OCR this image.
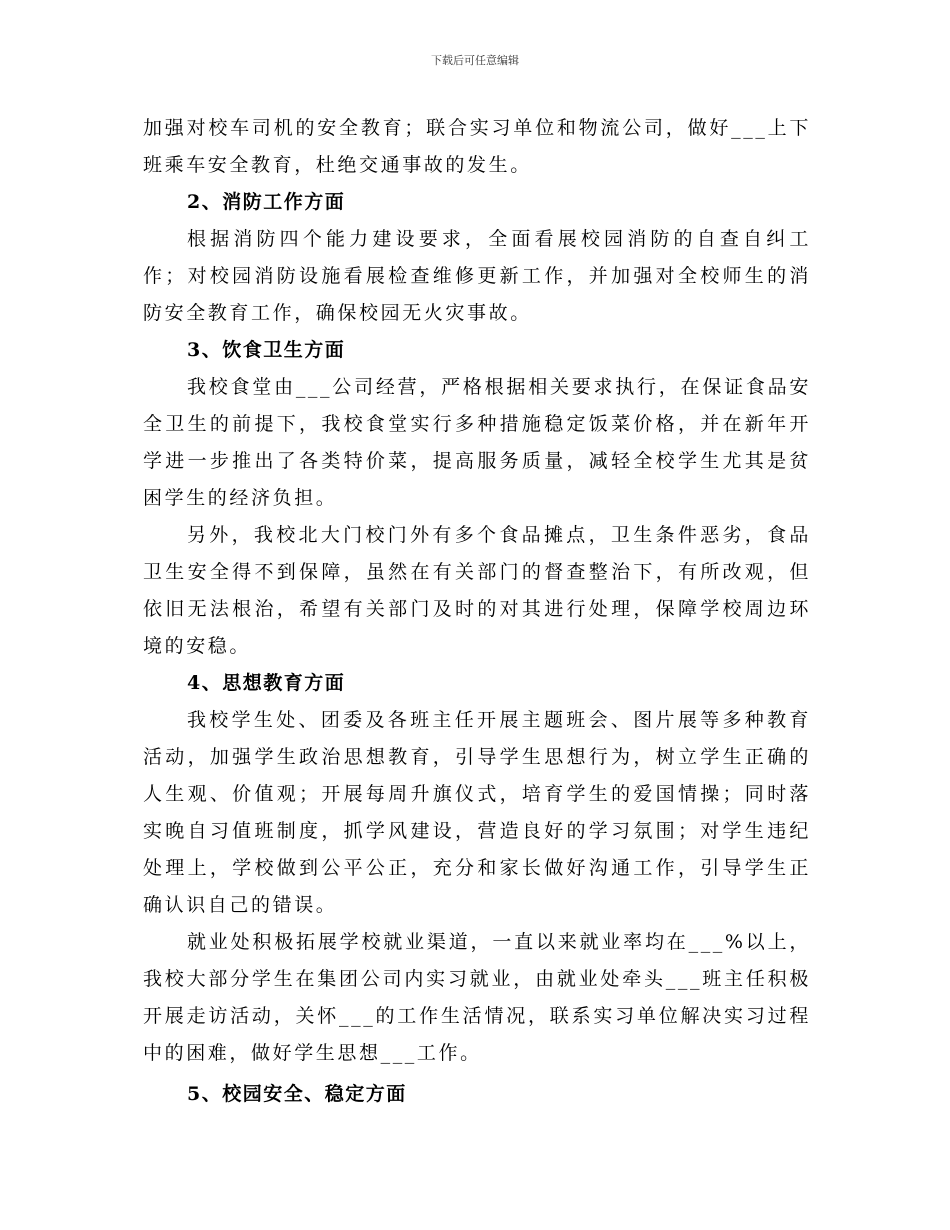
下载后可任意编辑

加强对校车司机的安全教育；联合实习单位和物流公司，做好___上下班乘车安全教育，杜绝交通事故的发生。

2、消防工作方面

根据消防四个能力建设要求，全面看展校园消防的自查自纠工作；对校园消防设施看展检查维修更新工作，并加强对全校师生的消防安全教育工作，确保校园无火灾事故。

3、饮食卫生方面

我校食堂由___公司经营，严格根据相关要求执行，在保证食品安全卫生的前提下，我校食堂实行多种措施稳定饭菜价格，并在新年开学进一步推出了各类特价菜，提高服务质量，减轻全校学生尤其是贫困学生的经济负担。

另外，我校北大门校门外有多个食品摊点，卫生条件恶劣，食品卫生安全得不到保障，虽然在有关部门的督查整治下，有所改观，但依旧无法根治，希望有关部门及时的对其进行处理，保障学校周边环境的安稳。

4、思想教育方面

我校学生处、团委及各班主任开展主题班会、图片展等多种教育活动，加强学生政治思想教育，引导学生思想行为，树立学生正确的人生观、价值观；开展每周升旗仪式，培育学生的爱国情操；同时落实晚自习值班制度，抓学风建设，营造良好的学习氛围；对学生违纪处理上，学校做到公平公正，充分和家长做好沟通工作，引导学生正确认识自己的错误。

就业处积极拓展学校就业渠道，一直以来就业率均在___%以上，我校大部分学生在集团公司内实习就业，由就业处牵头___班主任积极开展走访活动，关怀___的工作生活情况，联系实习单位解决实习过程中的困难，做好学生思想___工作。

5、校园安全、稳定方面
